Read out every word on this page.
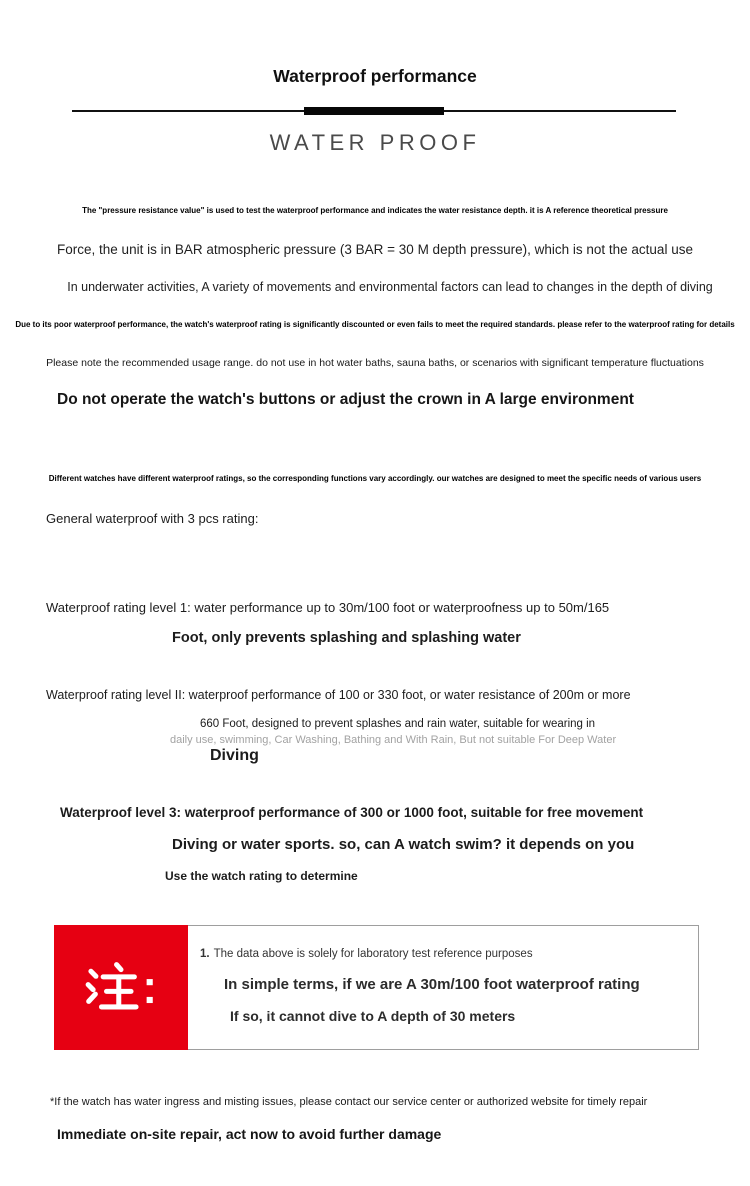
Waterproof performance
WATER PROOF
The "pressure resistance value" is used to test the waterproof performance and indicates the water resistance depth. it is A reference theoretical pressure
Force, the unit is in BAR atmospheric pressure (3 BAR = 30 M depth pressure), which is not the actual use
In underwater activities, A variety of movements and environmental factors can lead to changes in the depth of diving
Due to its poor waterproof performance, the watch's waterproof rating is significantly discounted or even fails to meet the required standards. please refer to the waterproof rating for details
Please note the recommended usage range. do not use in hot water baths, sauna baths, or scenarios with significant temperature fluctuations
Do not operate the watch's buttons or adjust the crown in A large environment
Different watches have different waterproof ratings, so the corresponding functions vary accordingly. our watches are designed to meet the specific needs of various users
General waterproof with 3 pcs rating:
Waterproof rating level 1: water performance up to 30m/100 foot or waterproofness up to 50m/165
Foot, only prevents splashing and splashing water
Waterproof rating level II: waterproof performance of 100 or 330 foot, or water resistance of 200m or more
660 Foot, designed to prevent splashes and rain water, suitable for wearing in
daily use, swimming, Car Washing, Bathing and With Rain, But not suitable For Deep Water
Diving
Waterproof level 3: waterproof performance of 300 or 1000 foot, suitable for free movement
Diving or water sports. so, can A watch swim? it depends on you
Use the watch rating to determine
1. The data above is solely for laboratory test reference purposes
In simple terms, if we are A 30m/100 foot waterproof rating
If so, it cannot dive to A depth of 30 meters
*If the watch has water ingress and misting issues, please contact our service center or authorized website for timely repair
Immediate on-site repair, act now to avoid further damage
